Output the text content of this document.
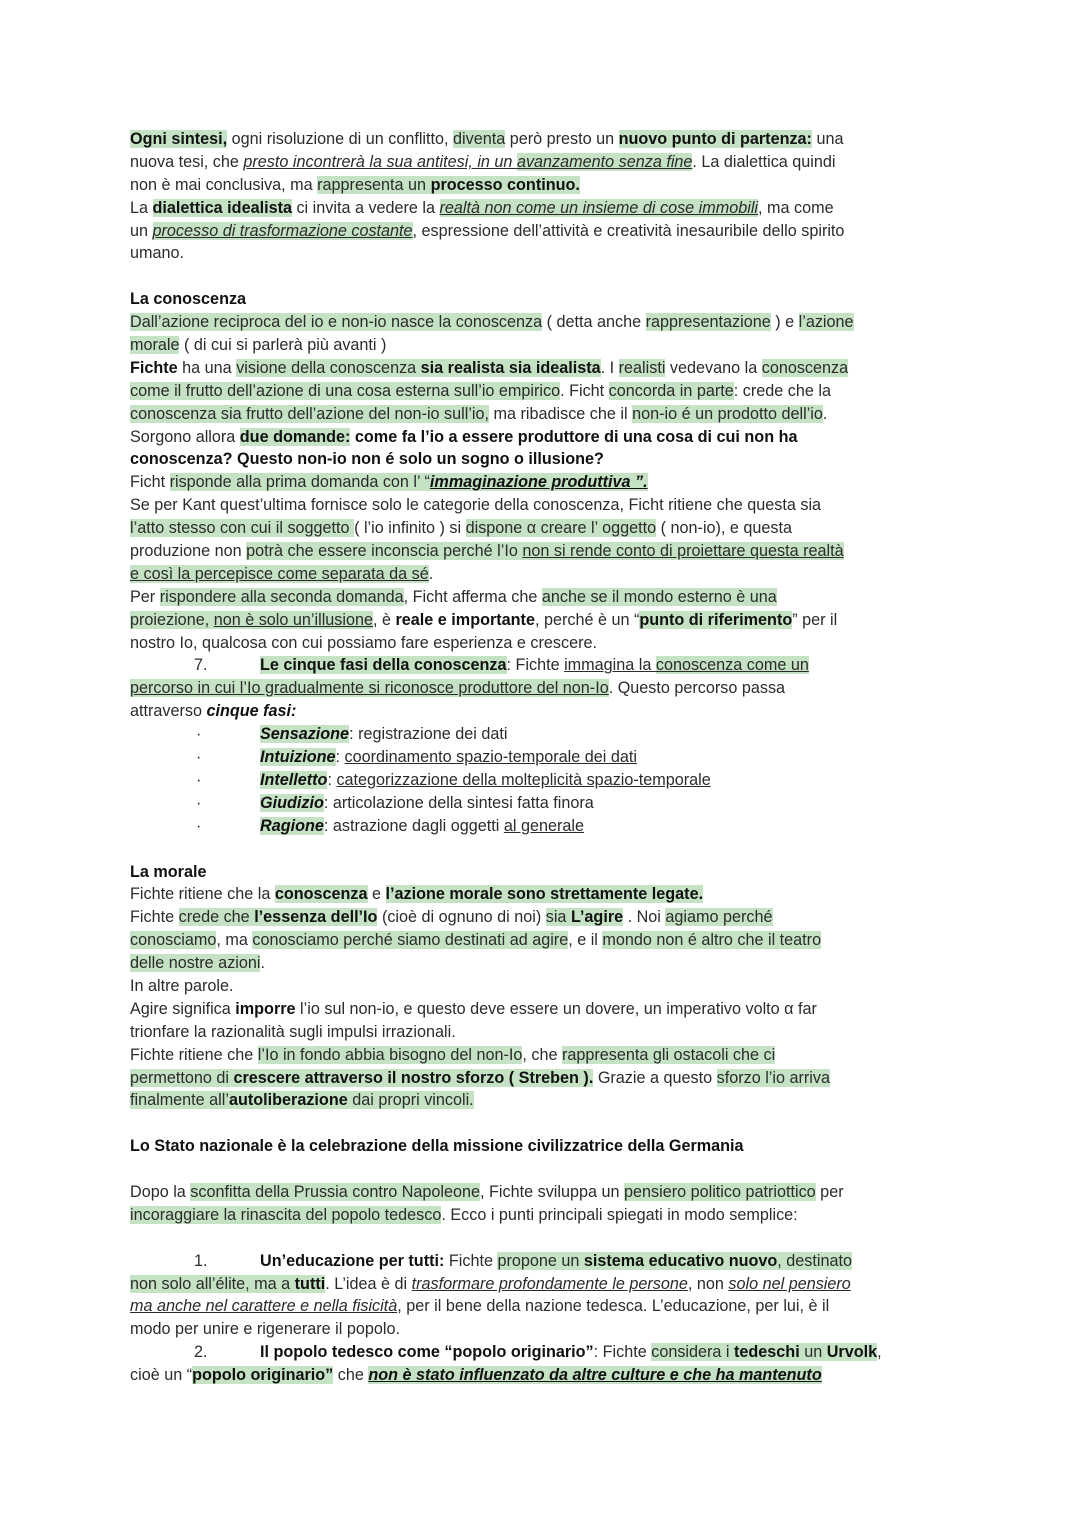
Ogni sintesi, ogni risoluzione di un conflitto, diventa però presto un nuovo punto di partenza: una
nuova tesi, che presto incontrerà la sua antitesi, in un avanzamento senza fine. La dialettica quindi
non è mai conclusiva, ma rappresenta un processo continuo.
La dialettica idealista ci invita a vedere la realtà non come un insieme di cose immobili, ma come
un processo di trasformazione costante, espressione dell’attività e creatività inesauribile dello spirito
umano.
La conoscenza
Dall’azione reciproca del io e non-io nasce la conoscenza ( detta anche rappresentazione ) e l’azione
morale ( di cui si parlerà più avanti )
Fichte ha una visione della conoscenza sia realista sia idealista. I realisti vedevano la conoscenza
come il frutto dell’azione di una cosa esterna sull’io empirico. Ficht concorda in parte: crede che la
conoscenza sia frutto dell’azione del non-io sull’io, ma ribadisce che il non-io é un prodotto dell’io.
Sorgono allora due domande: come fa l’io a essere produttore di una cosa di cui non ha
conoscenza? Questo non-io non é solo un sogno o illusione?
Ficht risponde alla prima domanda con l’ “immaginazione produttiva ”.
Se per Kant quest’ultima fornisce solo le categorie della conoscenza, Ficht ritiene che questa sia
l’atto stesso con cui il soggetto ( l’io infinito ) si dispone α creare l’ oggetto ( non-io), e questa
produzione non potrà che essere inconscia perché l’Io non si rende conto di proiettare questa realtà
e così la percepisce come separata da sé.
Per rispondere alla seconda domanda, Ficht afferma che anche se il mondo esterno è una
proiezione, non è solo un’illusione, è reale e importante, perché è un “punto di riferimento” per il
nostro Io, qualcosa con cui possiamo fare esperienza e crescere.
7.	Le cinque fasi della conoscenza: Fichte immagina la conoscenza come un
percorso in cui l’Io gradualmente si riconosce produttore del non-Io. Questo percorso passa
attraverso cinque fasi:
·	Sensazione: registrazione dei dati
·	Intuizione: coordinamento spazio-temporale dei dati
·	Intelletto: categorizzazione della molteplicità spazio-temporale
·	Giudizio: articolazione della sintesi fatta finora
·	Ragione: astrazione dagli oggetti al generale
La morale
Fichte ritiene che la conoscenza e l’azione morale sono strettamente legate.
Fichte crede che l’essenza dell’Io (cioè di ognuno di noi) sia L’agire . Noi agiamo perché
conosciamo, ma conosciamo perché siamo destinati ad agire, e il mondo non é altro che il teatro
delle nostre azioni.
In altre parole.
Agire significa imporre l’io sul non-io, e questo deve essere un dovere, un imperativo volto α far
trionfare la razionalità sugli impulsi irrazionali.
Fichte ritiene che l’Io in fondo abbia bisogno del non-Io, che rappresenta gli ostacoli che ci
permettono di crescere attraverso il nostro sforzo ( Streben ). Grazie a questo sforzo l’io arriva
finalmente all’autoliberazione dai propri vincoli.
Lo Stato nazionale è la celebrazione della missione civilizzatrice della Germania
Dopo la sconfitta della Prussia contro Napoleone, Fichte sviluppa un pensiero politico patriottico per
incoraggiare la rinascita del popolo tedesco. Ecco i punti principali spiegati in modo semplice:
1.	Un’educazione per tutti: Fichte propone un sistema educativo nuovo, destinato
non solo all’élite, ma a tutti. L’idea è di trasformare profondamente le persone, non solo nel pensiero
ma anche nel carattere e nella fisicità, per il bene della nazione tedesca. L’educazione, per lui, è il
modo per unire e rigenerare il popolo.
2.	Il popolo tedesco come “popolo originario”: Fichte considera i tedeschi un Urvolk,
cioè un “popolo originario” che non è stato influenzato da altre culture e che ha mantenuto
